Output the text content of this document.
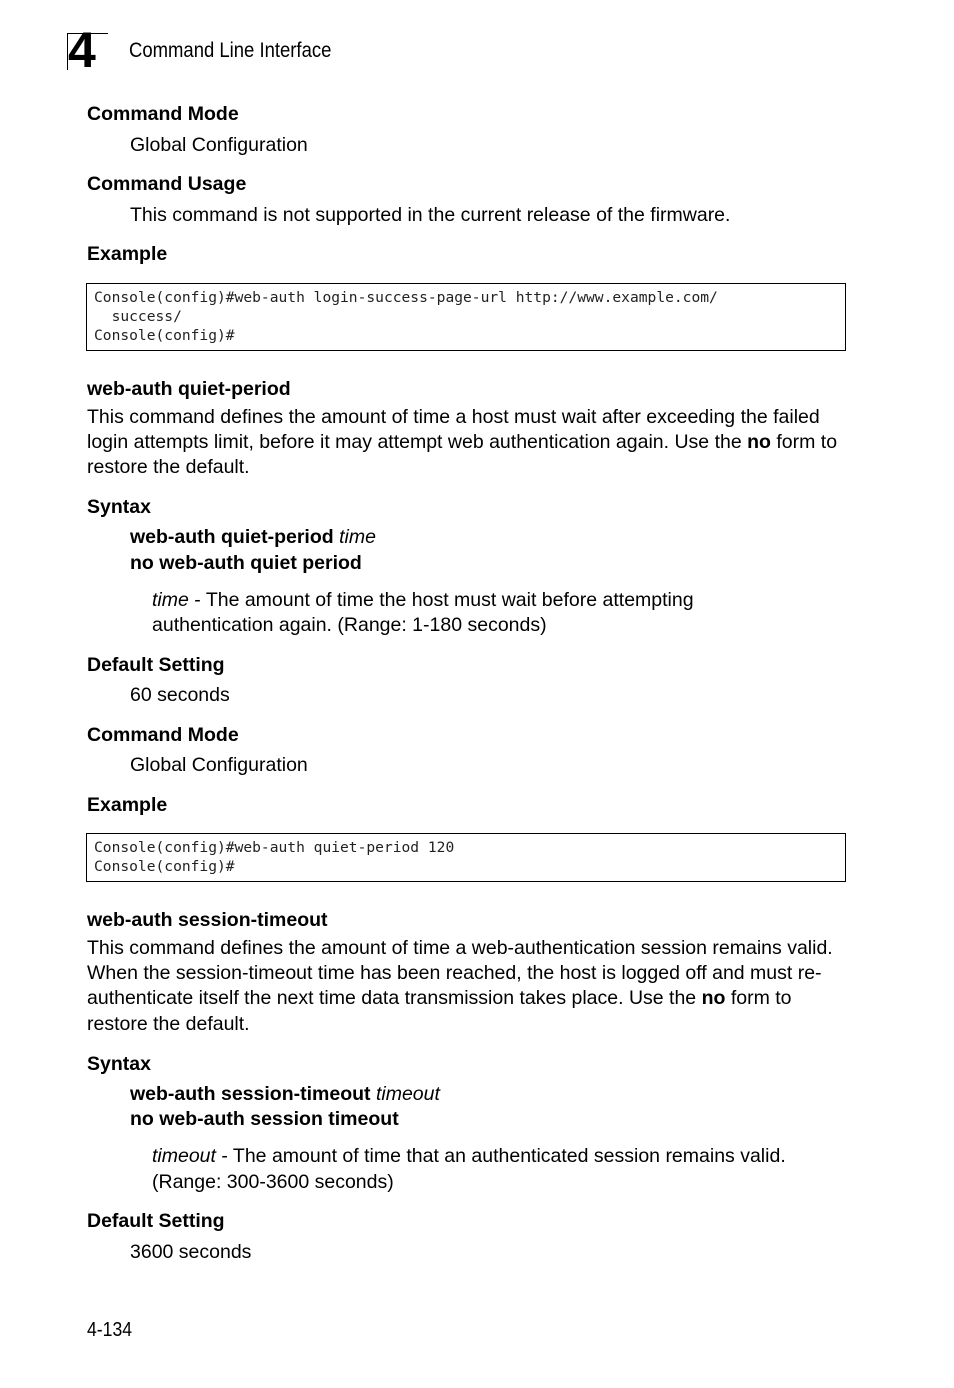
4 Command Line Interface
Command Mode
Global Configuration
Command Usage
This command is not supported in the current release of the firmware.
Example
Console(config)#web-auth login-success-page-url http://www.example.com/
success/
Console(config)#
web-auth quiet-period
This command defines the amount of time a host must wait after exceeding the failed login attempts limit, before it may attempt web authentication again. Use the no form to restore the default.
Syntax
web-auth quiet-period time
no web-auth quiet period
time - The amount of time the host must wait before attempting
authentication again. (Range: 1-180 seconds)
Default Setting
60 seconds
Command Mode
Global Configuration
Example
Console(config)#web-auth quiet-period 120
Console(config)#
web-auth session-timeout
This command defines the amount of time a web-authentication session remains valid. When the session-timeout time has been reached, the host is logged off and must re-authenticate itself the next time data transmission takes place. Use the no form to restore the default.
Syntax
web-auth session-timeout timeout
no web-auth session timeout
timeout - The amount of time that an authenticated session remains valid.
(Range: 300-3600 seconds)
Default Setting
3600 seconds
4-134
